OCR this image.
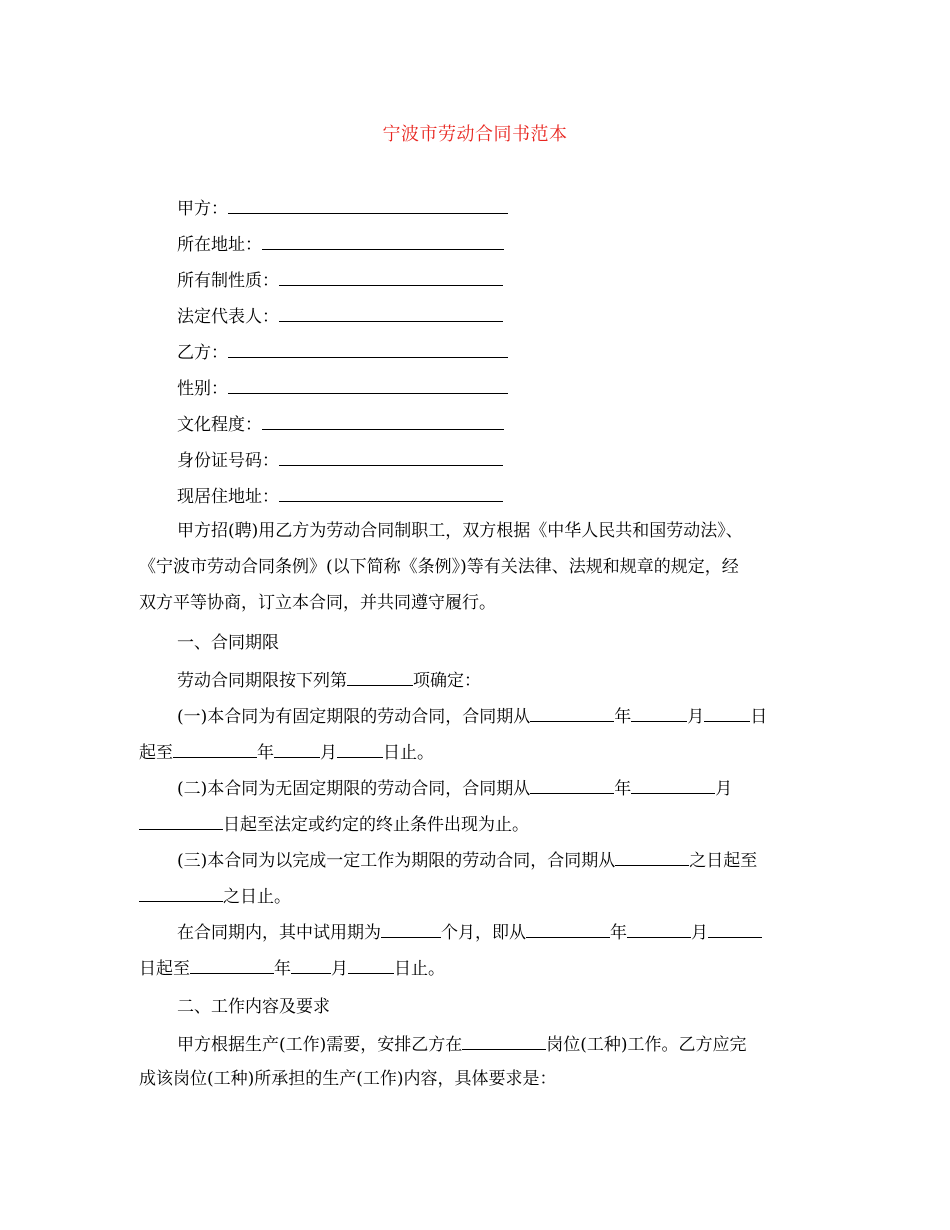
宁波市劳动合同书范本
甲方：
所在地址：
所有制性质：
法定代表人：
乙方：
性别：
文化程度：
身份证号码：
现居住地址：
甲方招(聘)用乙方为劳动合同制职工，双方根据《中华人民共和国劳动法》、
《宁波市劳动合同条例》(以下简称《条例》)等有关法律、法规和规章的规定，经
双方平等协商，订立本合同，并共同遵守履行。
一、合同期限
劳动合同期限按下列第	项确定：
(一)本合同为有固定期限的劳动合同，合同期从	年	月	日
起至	年	月	日止。
(二)本合同为无固定期限的劳动合同，合同期从	年	月
日起至法定或约定的终止条件出现为止。
(三)本合同为以完成一定工作为期限的劳动合同，合同期从	之日起至
之日止。
在合同期内，其中试用期为	个月，即从	年	月
日起至	年 月	日止。
二、工作内容及要求
甲方根据生产(工作)需要，安排乙方在	岗位(工种)工作。乙方应完
成该岗位(工种)所承担的生产(工作)内容，具体要求是：
